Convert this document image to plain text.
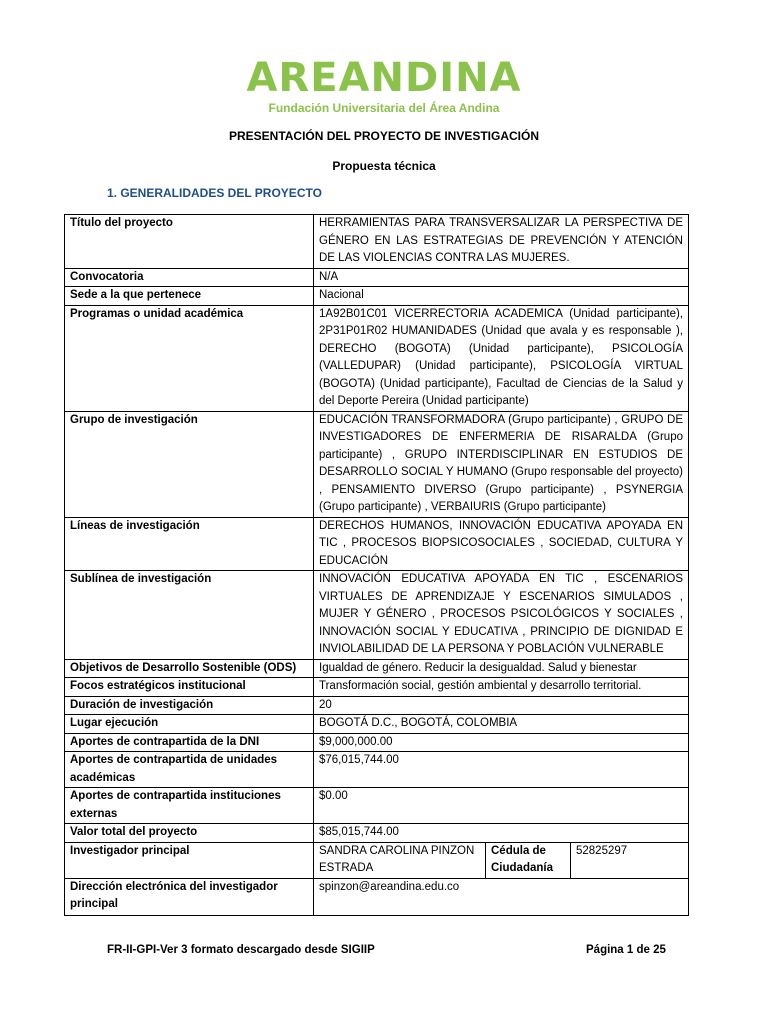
AREANDINA
Fundación Universitaria del Área Andina
PRESENTACIÓN DEL PROYECTO DE INVESTIGACIÓN
Propuesta técnica
1. GENERALIDADES DEL PROYECTO
Título del proyecto	HERRAMIENTAS PARA TRANSVERSALIZAR LA PERSPECTIVA DE GÉNERO EN LAS ESTRATEGIAS DE PREVENCIÓN Y ATENCIÓN DE LAS VIOLENCIAS CONTRA LAS MUJERES.		
Convocatoria	N/A		
Sede a la que pertenece	Nacional		
Programas o unidad académica	1A92B01C01 VICERRECTORIA ACADEMICA (Unidad participante), 2P31P01R02 HUMANIDADES (Unidad que avala y es responsable ), DERECHO (BOGOTA) (Unidad participante), PSICOLOGÍA (VALLEDUPAR) (Unidad participante), PSICOLOGÍA VIRTUAL (BOGOTA) (Unidad participante), Facultad de Ciencias de la Salud y del Deporte Pereira (Unidad participante)		
Grupo de investigación	EDUCACIÓN TRANSFORMADORA (Grupo participante) , GRUPO DE INVESTIGADORES DE ENFERMERIA DE RISARALDA (Grupo participante) , GRUPO INTERDISCIPLINAR EN ESTUDIOS DE DESARROLLO SOCIAL Y HUMANO (Grupo responsable del proyecto) , PENSAMIENTO DIVERSO (Grupo participante) , PSYNERGIA (Grupo participante) , VERBAIURIS (Grupo participante)		
Líneas de investigación	DERECHOS HUMANOS, INNOVACIÓN EDUCATIVA APOYADA EN TIC , PROCESOS BIOPSICOSOCIALES , SOCIEDAD, CULTURA Y EDUCACIÓN		
Sublínea de investigación	INNOVACIÓN EDUCATIVA APOYADA EN TIC , ESCENARIOS VIRTUALES DE APRENDIZAJE Y ESCENARIOS SIMULADOS , MUJER Y GÉNERO , PROCESOS PSICOLÓGICOS Y SOCIALES , INNOVACIÓN SOCIAL Y EDUCATIVA , PRINCIPIO DE DIGNIDAD E INVIOLABILIDAD DE LA PERSONA Y POBLACIÓN VULNERABLE		
Objetivos de Desarrollo Sostenible (ODS)	Igualdad de género. Reducir la desigualdad. Salud y bienestar		
Focos estratégicos institucional	Transformación social, gestión ambiental y desarrollo territorial.		
Duración de investigación	20		
Lugar ejecución	BOGOTÁ D.C., BOGOTÁ, COLOMBIA		
Aportes de contrapartida de la DNI	$9,000,000.00		
Aportes de contrapartida de unidades académicas	$76,015,744.00		
Aportes de contrapartida instituciones externas	$0.00		
Valor total del proyecto	$85,015,744.00		
Investigador principal	SANDRA CAROLINA PINZON ESTRADA	Cédula de Ciudadanía	52825297
Dirección electrónica del investigador principal	spinzon@areandina.edu.co		
FR-II-GPI-Ver 3 formato descargado desde SIGIIP	Página 1 de 25
